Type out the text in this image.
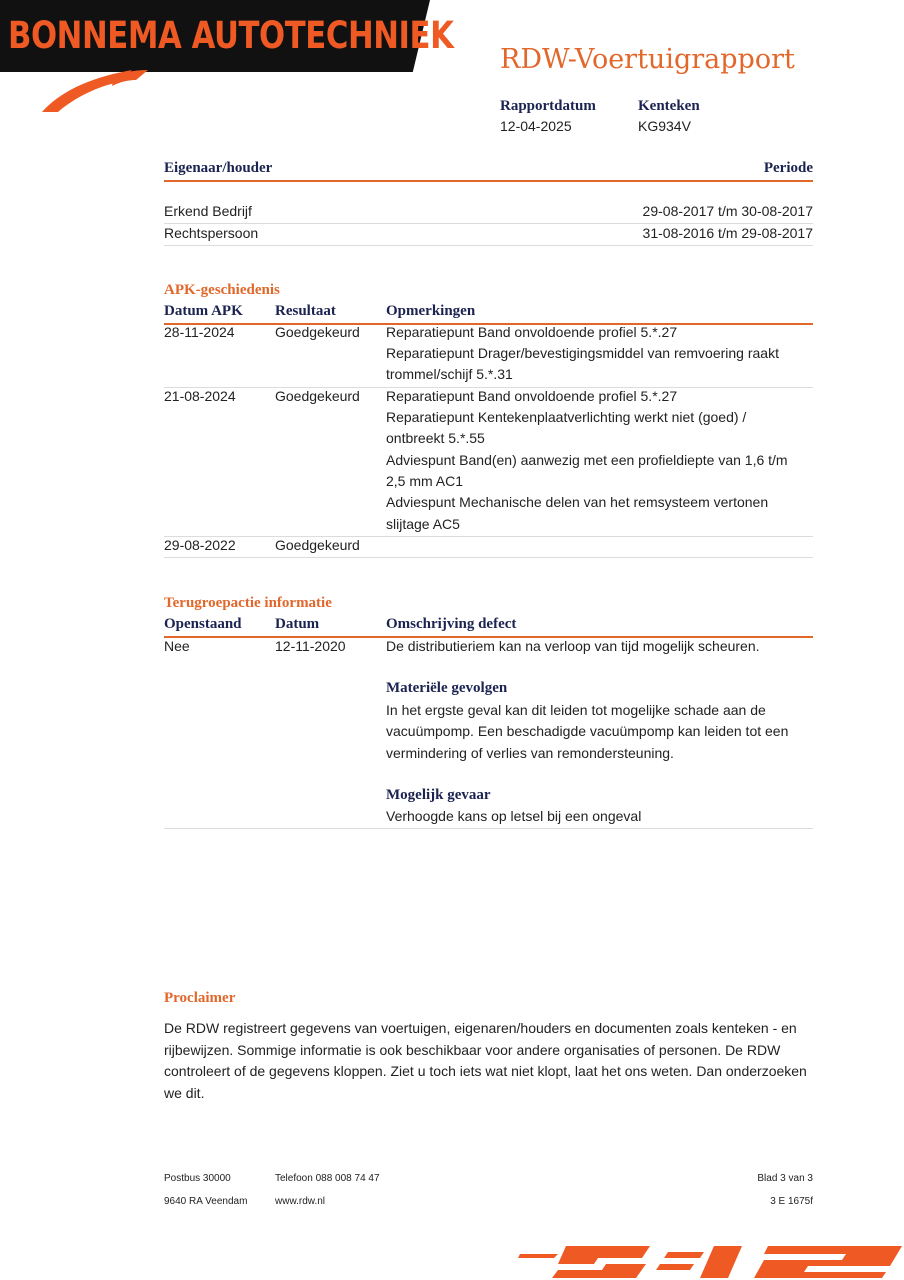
BONNEMA AUTOTECHNIEK
RDW-Voertuigrapport
Rapportdatum
12-04-2025
Kenteken
KG934V
Eigenaar/houder	Periode
Erkend Bedrijf	29-08-2017 t/m 30-08-2017
Rechtspersoon	31-08-2016 t/m 29-08-2017
APK-geschiedenis
Datum APK Resultaat	Opmerkingen
28-11-2024	Goedgekeurd Reparatiepunt Band onvoldoende profiel 5.*.27
Reparatiepunt Drager/bevestigingsmiddel van remvoering raakt
trommel/schijf 5.*.31
21-08-2024	Goedgekeurd Reparatiepunt Band onvoldoende profiel 5.*.27
Reparatiepunt Kentekenplaatverlichting werkt niet (goed) /
ontbreekt 5.*.55
Adviespunt Band(en) aanwezig met een profieldiepte van 1,6 t/m
2,5 mm AC1
Adviespunt Mechanische delen van het remsysteem vertonen
slijtage AC5
29-08-2022	Goedgekeurd
Terugroepactie informatie
Openstaand Datum	Omschrijving defect
Nee	12-11-2020	De distributieriem kan na verloop van tijd mogelijk scheuren.
Materiële gevolgen
In het ergste geval kan dit leiden tot mogelijke schade aan de
vacuümpomp. Een beschadigde vacuümpomp kan leiden tot een
vermindering of verlies van remondersteuning.
Mogelijk gevaar
Verhoogde kans op letsel bij een ongeval
Proclaimer
De RDW registreert gegevens van voertuigen, eigenaren/houders en documenten zoals kenteken - en
rijbewijzen. Sommige informatie is ook beschikbaar voor andere organisaties of personen. De RDW
controleert of de gegevens kloppen. Ziet u toch iets wat niet klopt, laat het ons weten. Dan onderzoeken
we dit.
Postbus 30000
9640 RA Veendam
Telefoon 088 008 74 47
www.rdw.nl
Blad 3 van 3
3 E 1675f
